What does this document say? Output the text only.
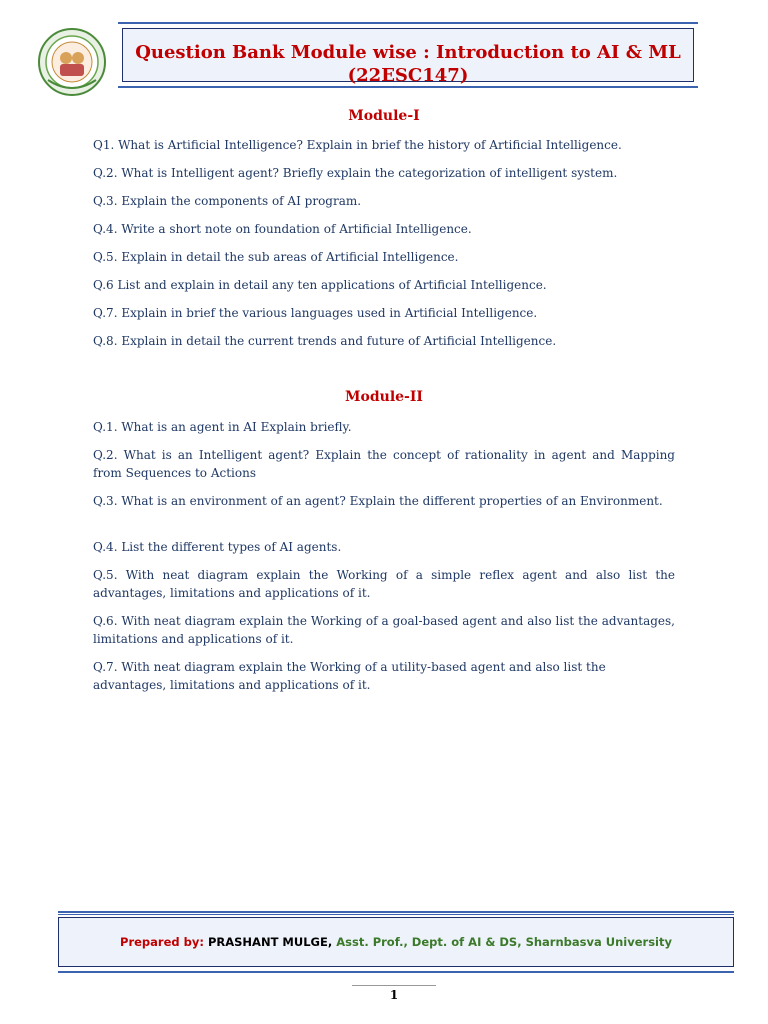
Question Bank Module wise : Introduction to AI & ML
(22ESC147)
Module-I

Q1. What is Artificial Intelligence? Explain in brief the history of Artificial Intelligence.

Q.2. What is Intelligent agent? Briefly explain the categorization of intelligent system.

Q.3. Explain the components of AI program.

Q.4. Write a short note on foundation of Artificial Intelligence.

Q.5. Explain in detail the sub areas of Artificial Intelligence.

Q.6 List and explain in detail any ten applications of Artificial Intelligence.

Q.7. Explain in brief the various languages used in Artificial Intelligence.

Q.8. Explain in detail the current trends and future of Artificial Intelligence.

Module-II

Q.1. What is an agent in AI Explain briefly.

Q.2. What is an Intelligent agent? Explain the concept of rationality in agent and Mapping from Sequences to Actions

Q.3. What is an environment of an agent? Explain the different properties of an Environment.

Q.4. List the different types of AI agents.

Q.5. With neat diagram explain the Working of a simple reflex agent and also list the advantages, limitations and applications of it.

Q.6. With neat diagram explain the Working of a goal-based agent and also list the advantages, limitations and applications of it.

Q.7. With neat diagram explain the Working of a utility-based agent and also list the advantages, limitations and applications of it.

Prepared by: PRASHANT MULGE, Asst. Prof., Dept. of AI & DS, Sharnbasva University

1
